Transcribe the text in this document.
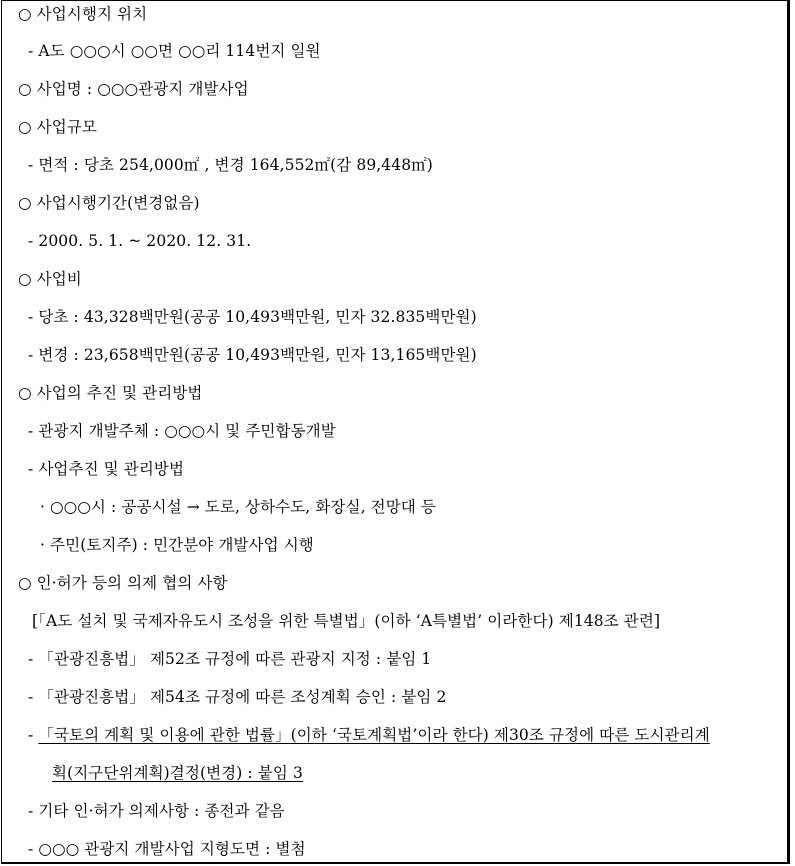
○ 사업시행지 위치
- A도 ○○○시 ○○면 ○○리 114번지 일원
○ 사업명 : ○○○관광지 개발사업
○ 사업규모
- 면적 : 당초 254,000㎡ , 변경 164,552㎡(감 89,448㎡)
○ 사업시행기간(변경없음)
- 2000. 5. 1. ~ 2020. 12. 31.
○ 사업비
- 당초 : 43,328백만원(공공 10,493백만원, 민자 32.835백만원)
- 변경 : 23,658백만원(공공 10,493백만원, 민자 13,165백만원)
○ 사업의 추진 및 관리방법
- 관광지 개발주체 : ○○○시 및 주민합동개발
- 사업추진 및 관리방법
· ○○○시 : 공공시설 → 도로, 상하수도, 화장실, 전망대 등
· 주민(토지주) : 민간분야 개발사업 시행
○ 인·허가 등의 의제 협의 사항
[「A도 설치 및 국제자유도시 조성을 위한 특별법」(이하 ‘A특별법’ 이라한다) 제148조 관련]
- 「관광진흥법」 제52조 규정에 따른 관광지 지정 : 붙임 1
- 「관광진흥법」 제54조 규정에 따른 조성계획 승인 : 붙임 2
- 「국토의 계획 및 이용에 관한 법률」(이하 ‘국토계획법’이라 한다) 제30조 규정에 따른 도시관리계
획(지구단위계획)결정(변경) : 붙임 3
- 기타 인·허가 의제사항 : 종전과 같음
- ○○○ 관광지 개발사업 지형도면 : 별첨
